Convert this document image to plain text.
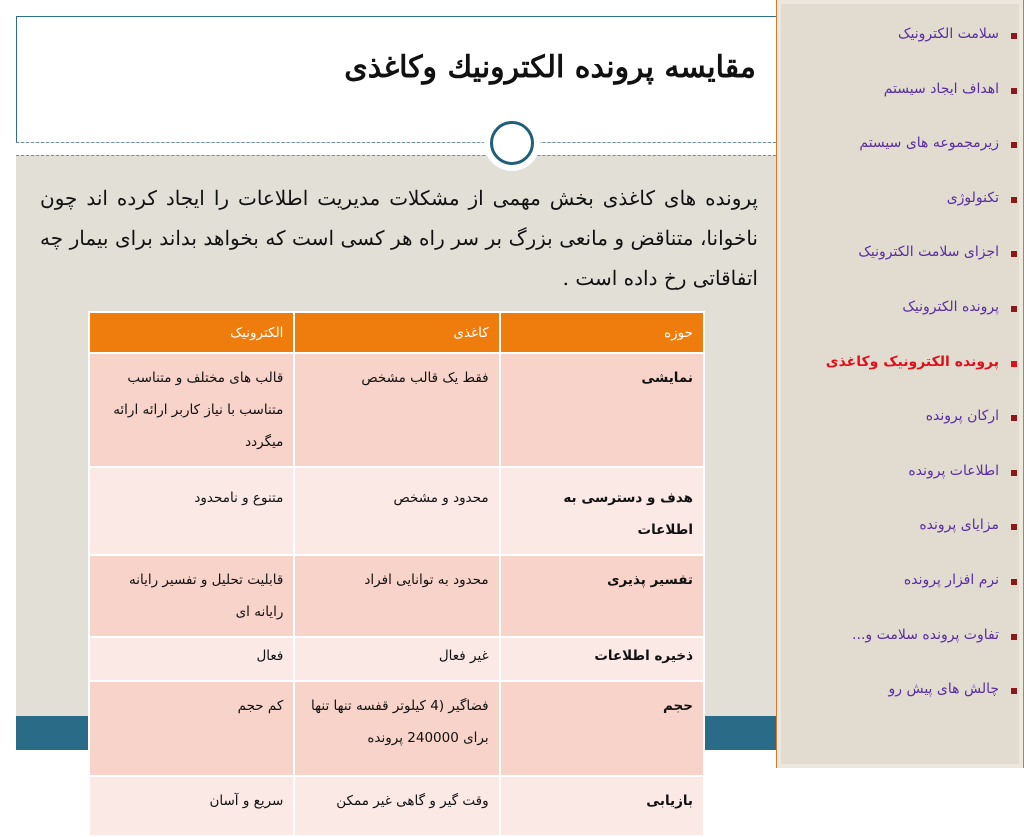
مقایسه پرونده الکترونیك وکاغذی

پرونده های کاغذی بخش مهمی از مشکلات مدیریت اطلاعات را ایجاد کرده اند چون ناخوانا، متناقض و مانعی بزرگ بر سر راه هر کسی است که بخواهد بداند برای بیمار چه اتفاقاتی رخ داده است .

حوزه	کاغذی	الکترونیک
نمایشی	فقط یک قالب مشخص	قالب های مختلف و متناسب متناسب با نیاز کاربر ارائه ارائه میگردد
هدف و دسترسی به اطلاعات	محدود و مشخص	متنوع و نامحدود
تفسیر پذیری	محدود به توانایی افراد	قابلیت تحلیل و تفسیر رایانه رایانه ای
ذخیره اطلاعات	غیر فعال	فعال
حجم	فضاگیر (4 کیلوتر قفسه تنها تنها برای 240000 پرونده	کم حجم
بازیابی	وقت گیر و گاهی غیر ممکن	سریع و آسان
سلامت الکترونیک
اهداف ایجاد سیستم
زیرمجموعه های سیستم
تکنولوژی
اجزای سلامت الکترونیک
پرونده الکترونیک
پرونده الکترونیک وکاغذی
ارکان پرونده
اطلاعات پرونده
مزایای پرونده
نرم افزار پرونده
تفاوت پرونده سلامت و...
چالش های پیش رو
